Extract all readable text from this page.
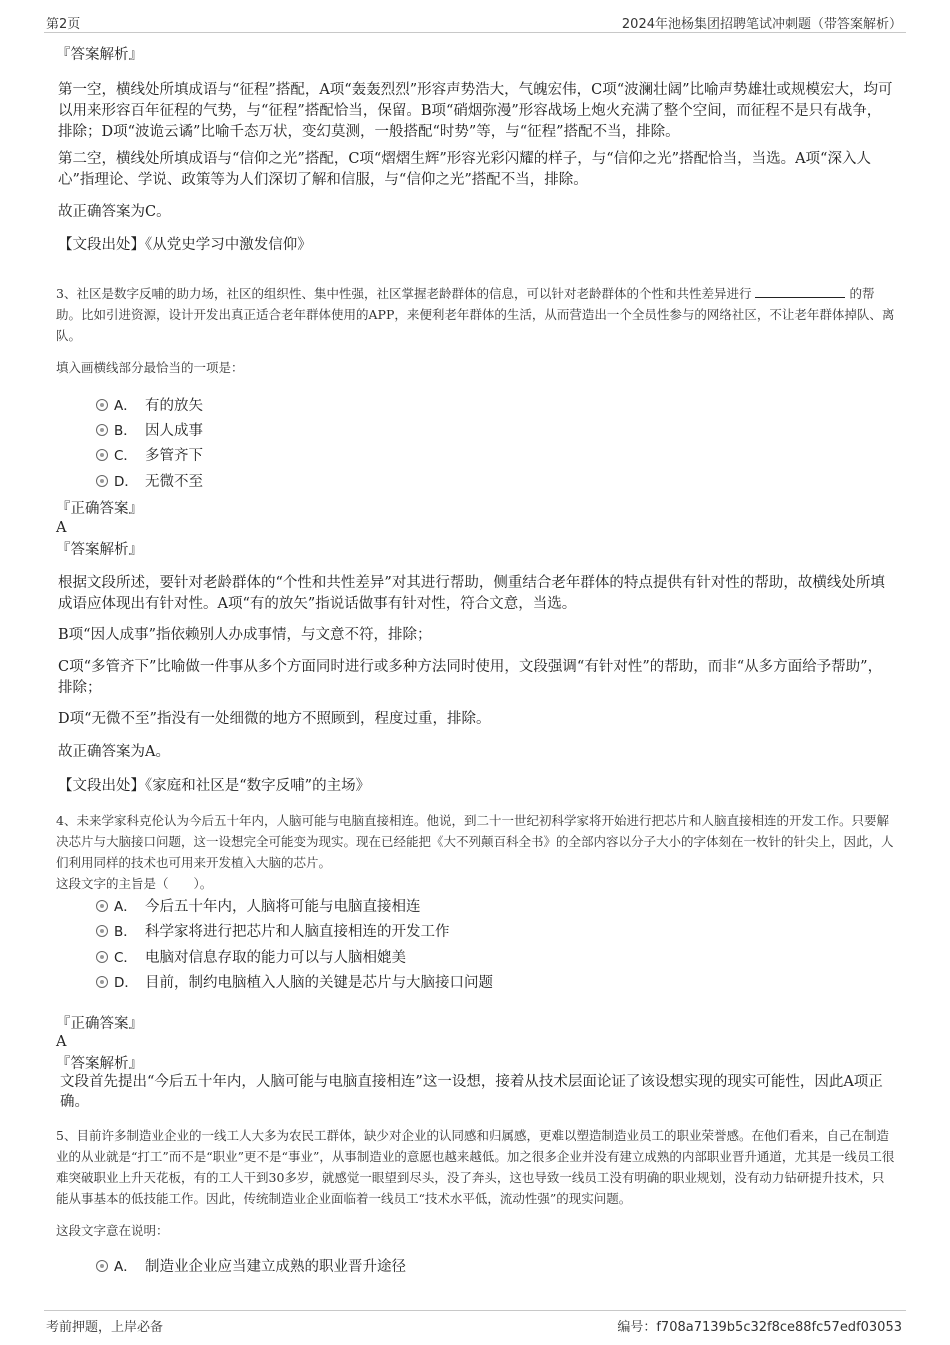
第2页	2024年池杨集团招聘笔试冲刺题（带答案解析）
『答案解析』

第一空，横线处所填成语与“征程”搭配，A项“轰轰烈烈”形容声势浩大，气魄宏伟，C项“波澜壮阔”比喻声势雄壮或规模宏大，均可以用来形容百年征程的气势，与“征程”搭配恰当，保留。B项“硝烟弥漫”形容战场上炮火充满了整个空间，而征程不是只有战争，排除；D项“波诡云谲”比喻千态万状，变幻莫测，一般搭配“时势”等，与“征程”搭配不当，排除。

第二空，横线处所填成语与“信仰之光”搭配，C项“熠熠生辉”形容光彩闪耀的样子，与“信仰之光”搭配恰当，当选。A项“深入人心”指理论、学说、政策等为人们深切了解和信服，与“信仰之光”搭配不当，排除。

故正确答案为C。

【文段出处】《从党史学习中激发信仰》

3、社区是数字反哺的助力场，社区的组织性、集中性强，社区掌握老龄群体的信息，可以针对老龄群体的个性和共性差异进行	的帮助。比如引进资源，设计开发出真正适合老年群体使用的APP，来便利老年群体的生活，从而营造出一个全员性参与的网络社区，不让老年群体掉队、离队。

填入画横线部分最恰当的一项是：

A． 有的放矢
B． 因人成事
C． 多管齐下
D． 无微不至
『正确答案』
A
『答案解析』

根据文段所述，要针对老龄群体的“个性和共性差异”对其进行帮助，侧重结合老年群体的特点提供有针对性的帮助，故横线处所填成语应体现出有针对性。A项“有的放矢”指说话做事有针对性，符合文意，当选。

B项“因人成事”指依赖别人办成事情，与文意不符，排除；

C项“多管齐下”比喻做一件事从多个方面同时进行或多种方法同时使用，文段强调“有针对性”的帮助，而非“从多方面给予帮助”，排除；

D项“无微不至”指没有一处细微的地方不照顾到，程度过重，排除。

故正确答案为A。

【文段出处】《家庭和社区是“数字反哺”的主场》

4、未来学家科克伦认为今后五十年内，人脑可能与电脑直接相连。他说，到二十一世纪初科学家将开始进行把芯片和人脑直接相连的开发工作。只要解决芯片与大脑接口问题，这一设想完全可能变为现实。现在已经能把《大不列颠百科全书》的全部内容以分子大小的字体刻在一枚针的针尖上，因此，人们利用同样的技术也可用来开发植入大脑的芯片。

这段文字的主旨是（　　）。

A． 今后五十年内，人脑将可能与电脑直接相连
B． 科学家将进行把芯片和人脑直接相连的开发工作
C． 电脑对信息存取的能力可以与人脑相媲美
D． 目前，制约电脑植入人脑的关键是芯片与大脑接口问题
『正确答案』
A
『答案解析』

文段首先提出“今后五十年内，人脑可能与电脑直接相连”这一设想，接着从技术层面论证了该设想实现的现实可能性，因此A项正确。

5、目前许多制造业企业的一线工人大多为农民工群体，缺少对企业的认同感和归属感，更难以塑造制造业员工的职业荣誉感。在他们看来，自己在制造业的从业就是“打工”而不是“职业”更不是“事业”，从事制造业的意愿也越来越低。加之很多企业并没有建立成熟的内部职业晋升通道，尤其是一线员工很难突破职业上升天花板，有的工人干到30多岁，就感觉一眼望到尽头，没了奔头，这也导致一线员工没有明确的职业规划，没有动力钻研提升技术，只能从事基本的低技能工作。因此，传统制造业企业面临着一线员工“技术水平低，流动性强”的现实问题。

这段文字意在说明：

A． 制造业企业应当建立成熟的职业晋升途径
考前押题，上岸必备	编号：f708a7139b5c32f8ce88fc57edf03053
